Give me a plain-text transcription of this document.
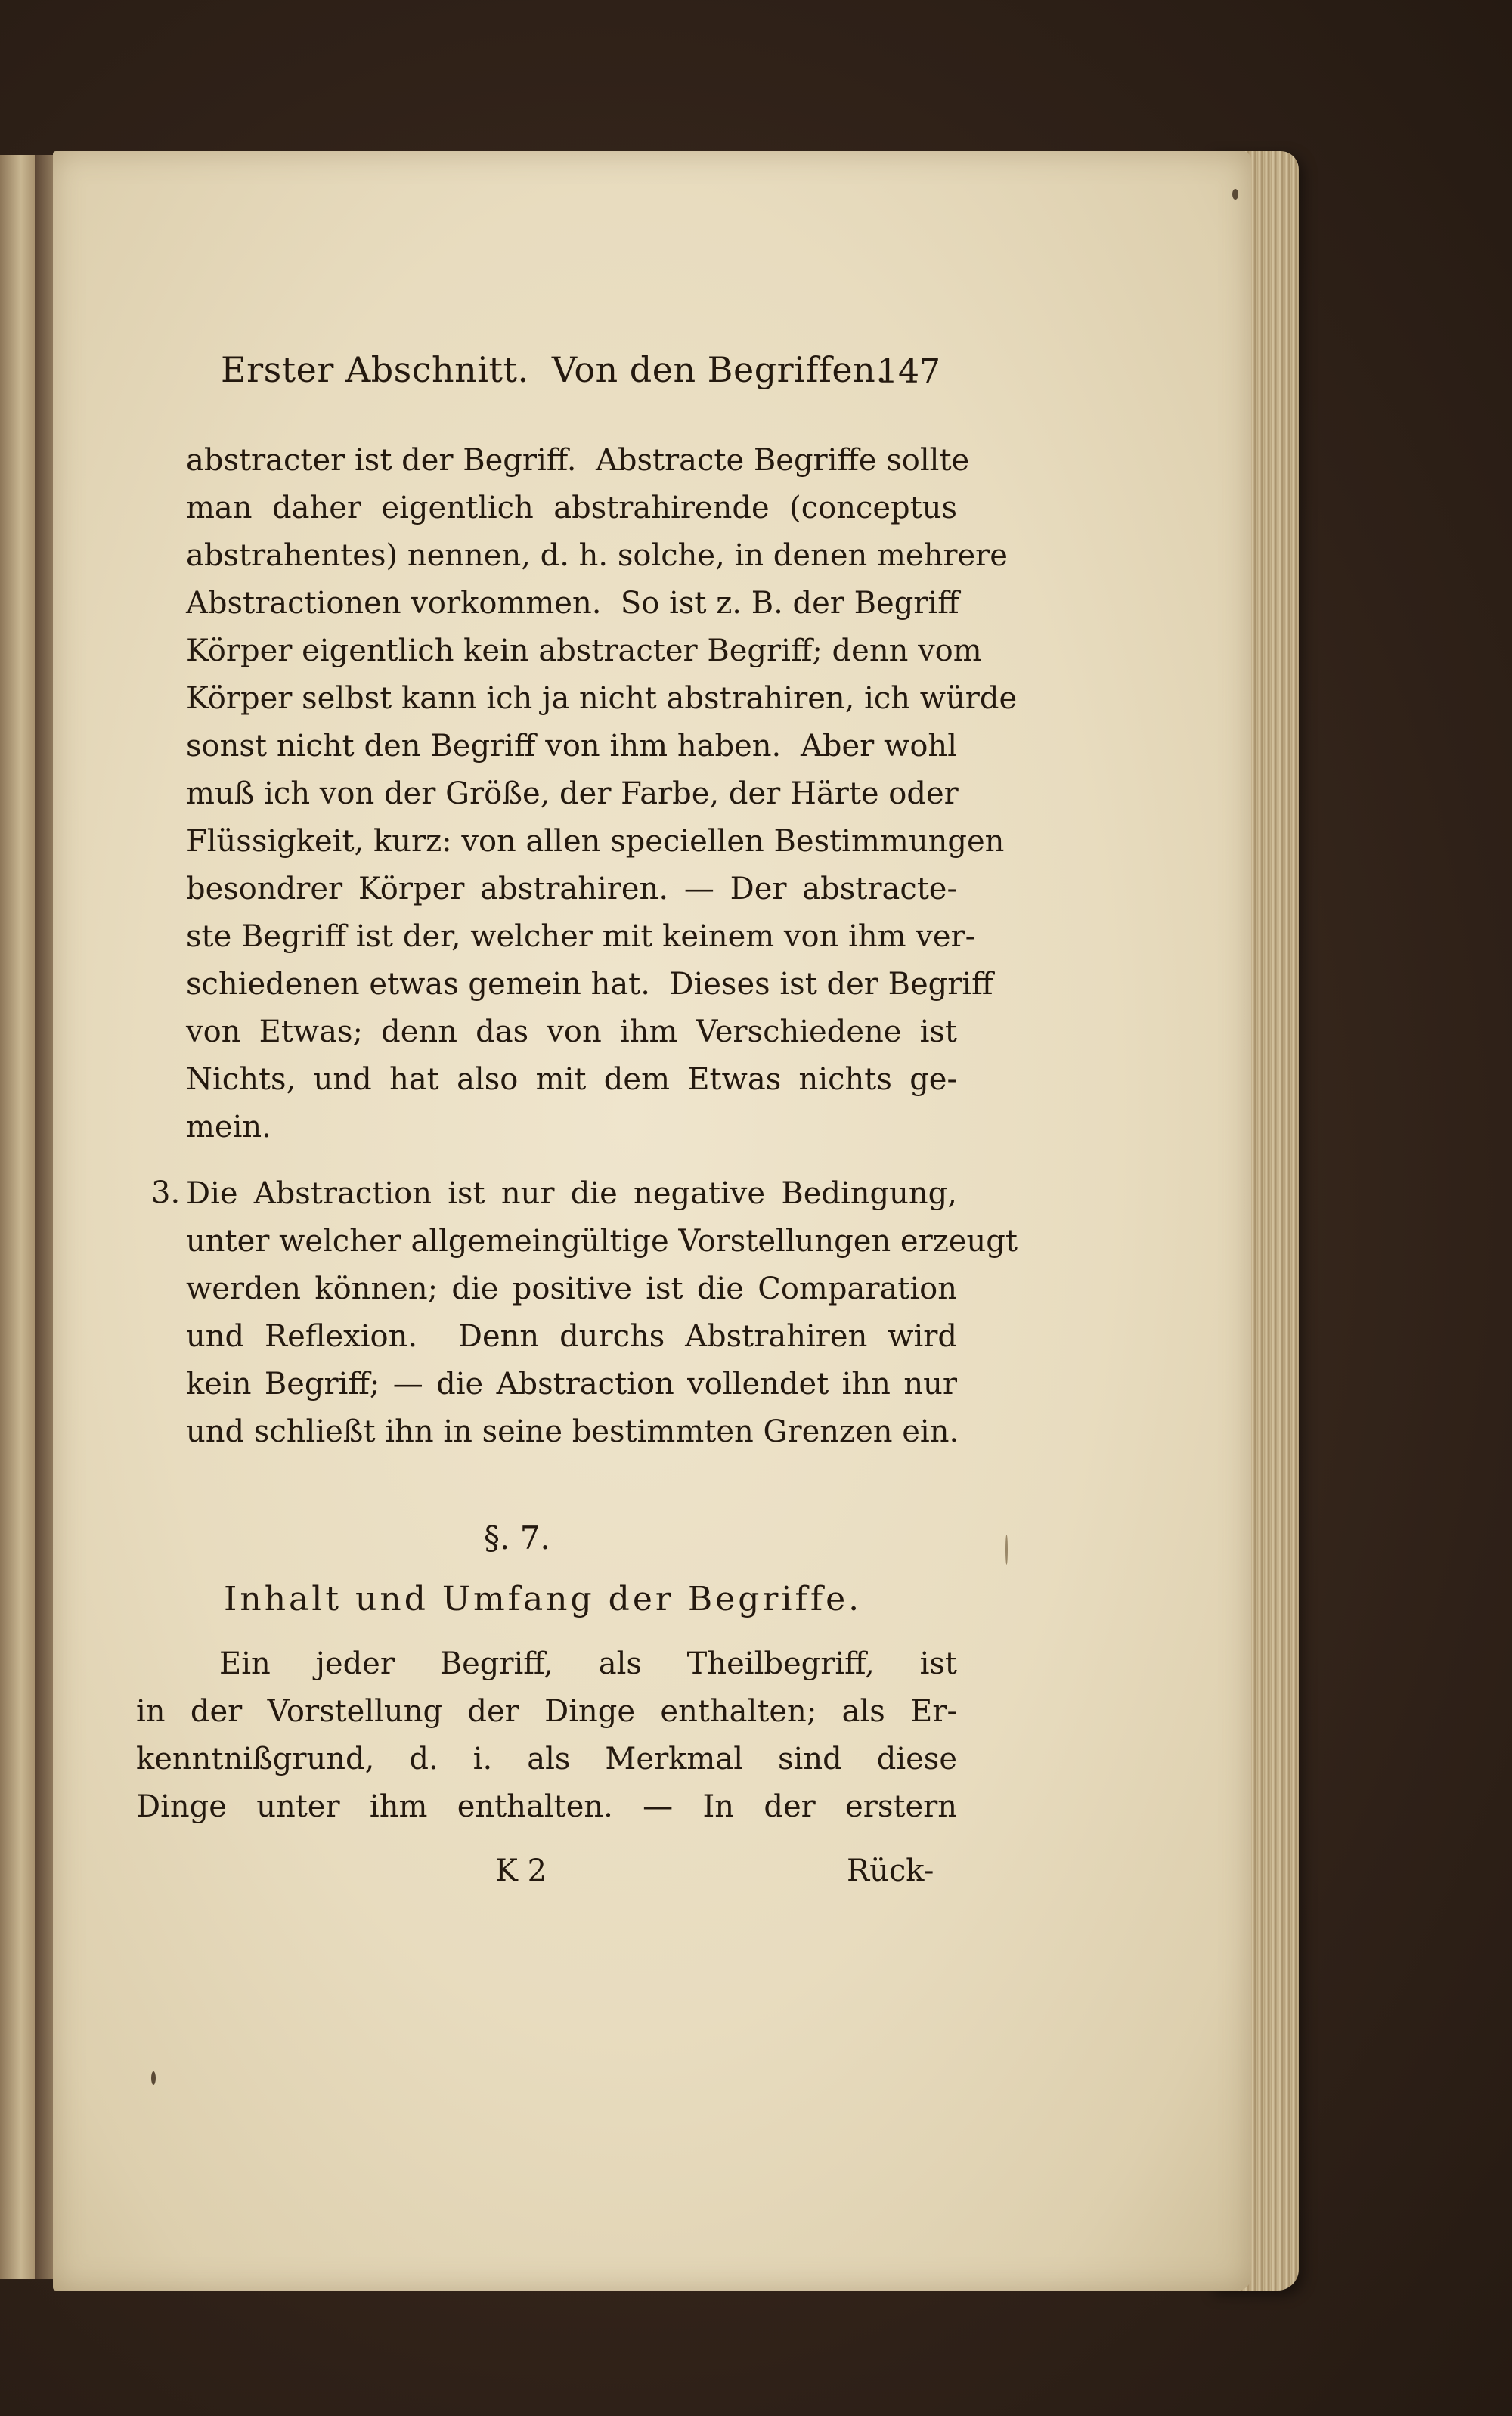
Erster Abschnitt.  Von den Begriffen.
147
abstracter ist der Begriff.  Abstracte Begriffe sollte
man daher eigentlich abstrahirende (conceptus
abstrahentes) nennen, d. h. solche, in denen mehrere
Abstractionen vorkommen.  So ist z. B. der Begriff
Körper eigentlich kein abstracter Begriff; denn vom
Körper selbst kann ich ja nicht abstrahiren, ich würde
sonst nicht den Begriff von ihm haben.  Aber wohl
muß ich von der Größe, der Farbe, der Härte oder
Flüssigkeit, kurz: von allen speciellen Bestimmungen
besondrer Körper abstrahiren. — Der abstracte-
ste Begriff ist der, welcher mit keinem von ihm ver-
schiedenen etwas gemein hat.  Dieses ist der Begriff
von Etwas; denn das von ihm Verschiedene ist
Nichts, und hat also mit dem Etwas nichts ge-
mein.
3. Die Abstraction ist nur die negative Bedingung,
unter welcher allgemeingültige Vorstellungen erzeugt
werden können; die positive ist die Comparation
und Reflexion.  Denn durchs Abstrahiren wird
kein Begriff; — die Abstraction vollendet ihn nur
und schließt ihn in seine bestimmten Grenzen ein.
§. 7.
Inhalt und Umfang der Begriffe.
Ein jeder Begriff, als Theilbegriff, ist
in der Vorstellung der Dinge enthalten; als Er-
kenntnißgrund, d. i. als Merkmal sind diese
Dinge unter ihm enthalten. — In der erstern
K 2	Rück-
